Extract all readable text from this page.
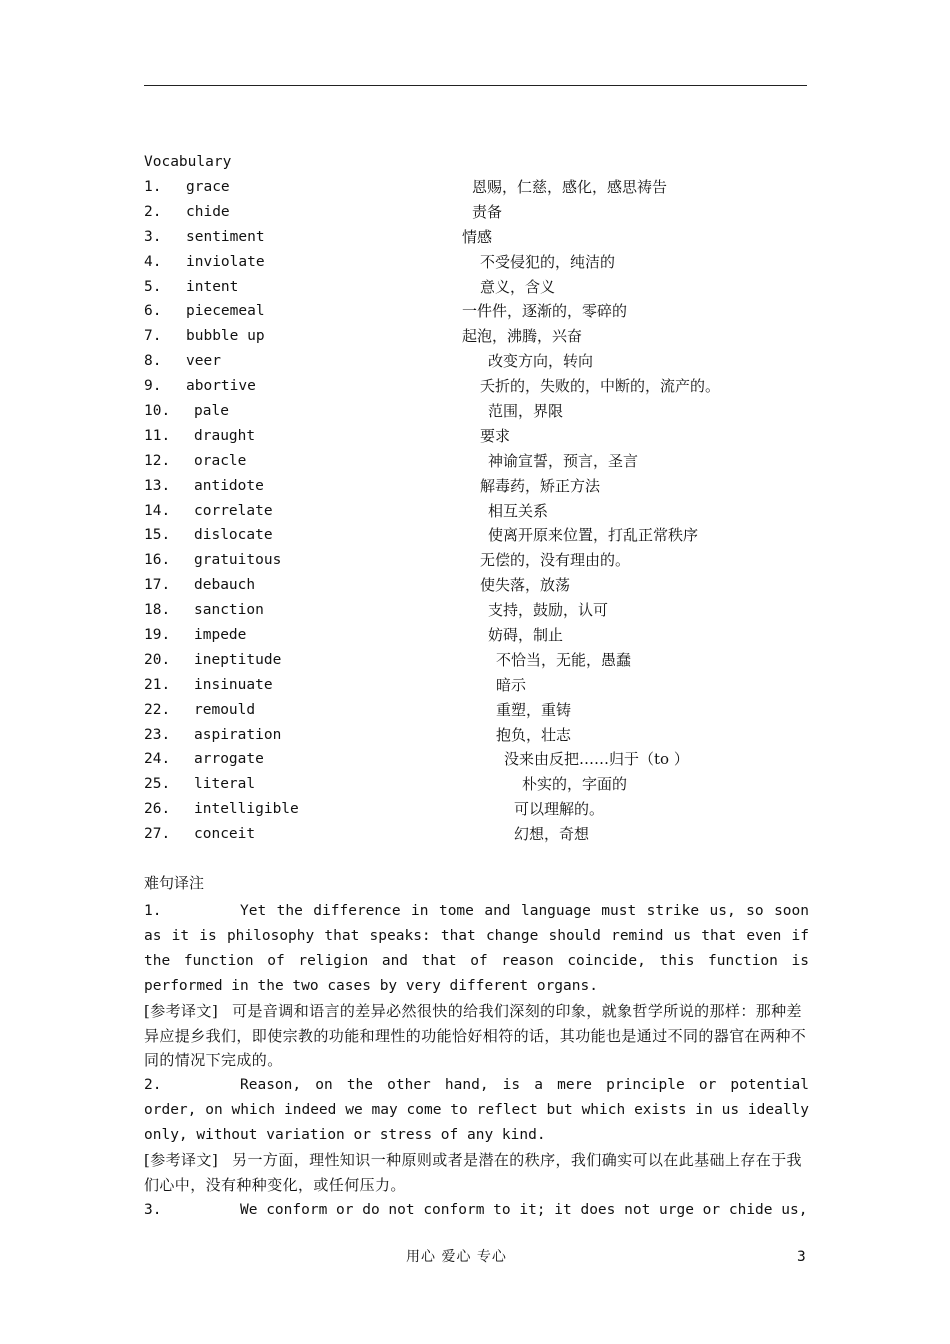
Vocabulary
1. grace	恩赐，仁慈，感化，感思祷告
2. chide	责备
3. sentiment	情感
4. inviolate	不受侵犯的，纯洁的
5. intent	意义，含义
6. piecemeal	一件件，逐渐的，零碎的
7. bubble up	起泡，沸腾，兴奋
8. veer	改变方向，转向
9. abortive	夭折的，失败的，中断的，流产的。
10. pale	范围，界限
11. draught	要求
12. oracle	神谕宣誓，预言，圣言
13. antidote	解毒药，矫正方法
14. correlate	相互关系
15. dislocate	使离开原来位置，打乱正常秩序
16. gratuitous	无偿的，没有理由的。
17. debauch	使失落，放荡
18. sanction	支持，鼓励，认可
19. impede	妨碍，制止
20. ineptitude	不恰当，无能，愚蠢
21. insinuate	暗示
22. remould	重塑，重铸
23. aspiration	抱负，壮志
24. arrogate	没来由反把……归于（to ）
25. literal	朴实的，字面的
26. intelligible	可以理解的。
27. conceit	幻想，奇想
难句译注

1.	Yet the difference in tome and language must strike us, so soon as it is philosophy that speaks: that change should remind us that even if the function of religion and that of reason coincide, this function is performed in the two cases by very different organs.

[参考译文] 可是音调和语言的差异必然很快的给我们深刻的印象，就象哲学所说的那样：那种差异应提乡我们，即使宗教的功能和理性的功能恰好相符的话，其功能也是通过不同的器官在两种不同的情况下完成的。

2.	Reason, on the other hand, is a mere principle or potential order, on which indeed we may come to reflect but which exists in us ideally only, without variation or stress of any kind.

[参考译文] 另一方面，理性知识一种原则或者是潜在的秩序，我们确实可以在此基础上存在于我们心中，没有种种变化，或任何压力。

3.	We conform or do not conform to it; it does not urge or chide us,

用心 爱心 专心	3
